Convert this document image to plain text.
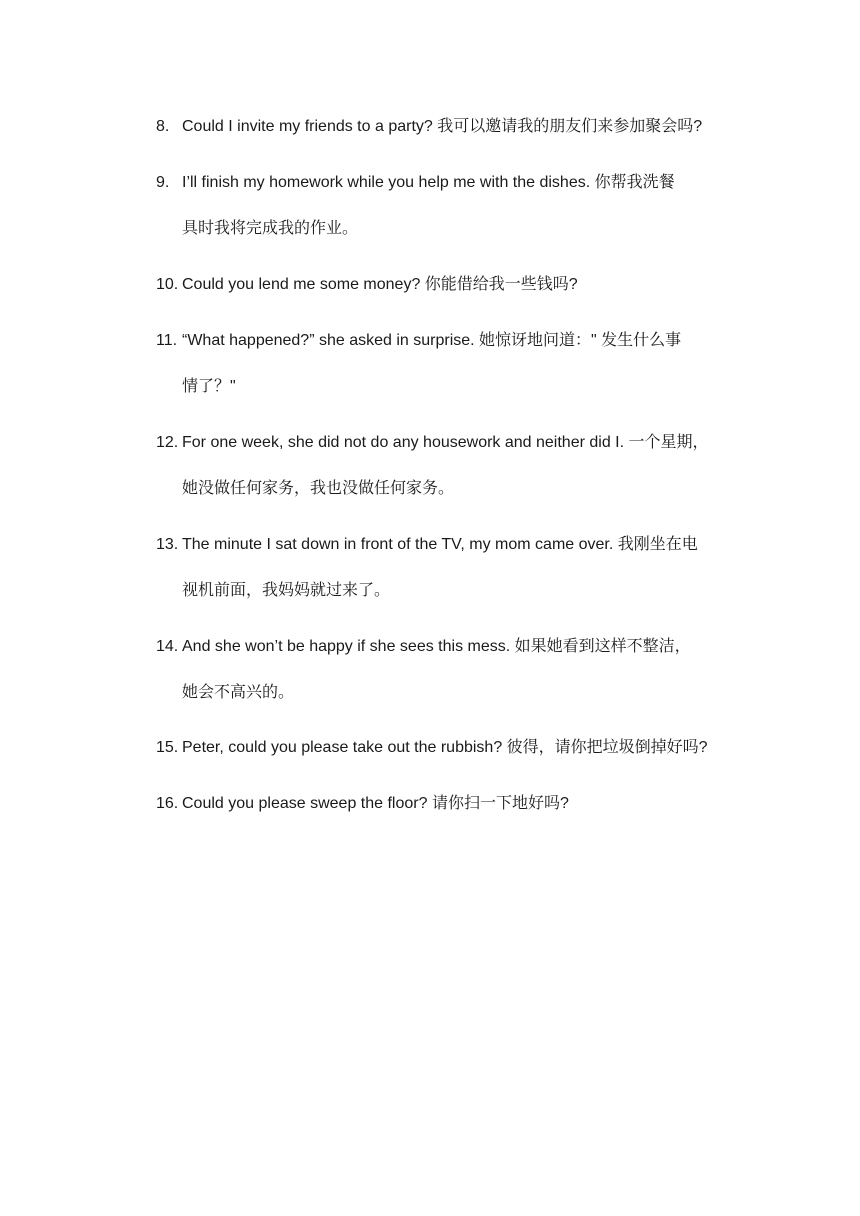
8. Could I invite my friends to a party? 我可以邀请我的朋友们来参加聚会吗?
9. I’ll finish my homework while you help me with the dishes. 你帮我洗餐
具时我将完成我的作业。
10. Could you lend me some money? 你能借给我一些钱吗?
11. “What happened?” she asked in surprise. 她惊讶地问道：" 发生什么事
情了？"
12. For one week, she did not do any housework and neither did I. 一个星期，
她没做任何家务，我也没做任何家务。
13. The minute I sat down in front of the TV, my mom came over. 我刚坐在电
视机前面，我妈妈就过来了。
14. And she won’t be happy if she sees this mess. 如果她看到这样不整洁，
她会不高兴的。
15. Peter, could you please take out the rubbish? 彼得，请你把垃圾倒掉好吗?
16. Could you please sweep the floor? 请你扫一下地好吗?
